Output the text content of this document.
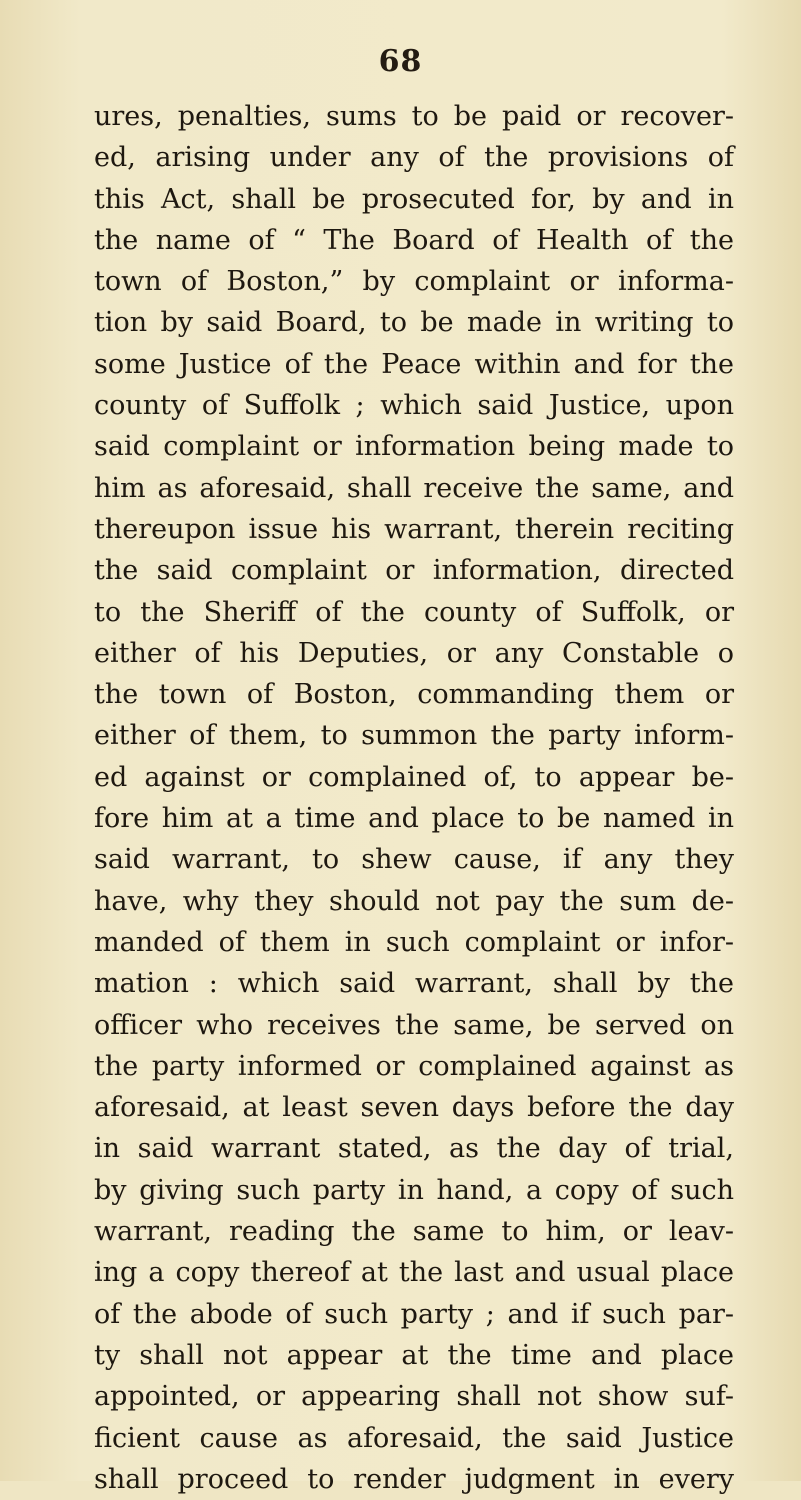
68
ures, penalties, sums to be paid or recover-
ed, arising under any of the provisions of
this Act, shall be prosecuted for, by and in
the name of “ The Board of Health of the
town of Boston,” by complaint or informa-
tion by said Board, to be made in writing to
some Justice of the Peace within and for the
county of Suffolk ; which said Justice, upon
said complaint or information being made to
him as aforesaid, shall receive the same, and
thereupon issue his warrant, therein reciting
the said complaint or information, directed
to the Sheriff of the county of Suffolk, or
either of his Deputies, or any Constable o
the town of Boston, commanding them or
either of them, to summon the party inform-
ed against or complained of, to appear be-
fore him at a time and place to be named in
said warrant, to shew cause, if any they
have, why they should not pay the sum de-
manded of them in such complaint or infor-
mation : which said warrant, shall by the
officer who receives the same, be served on
the party informed or complained against as
aforesaid, at least seven days before the day
in said warrant stated, as the day of trial,
by giving such party in hand, a copy of such
warrant, reading the same to him, or leav-
ing a copy thereof at the last and usual place
of the abode of such party ; and if such par-
ty shall not appear at the time and place
appointed, or appearing shall not show suf-
ficient cause as aforesaid, the said Justice
shall proceed to render judgment in every
